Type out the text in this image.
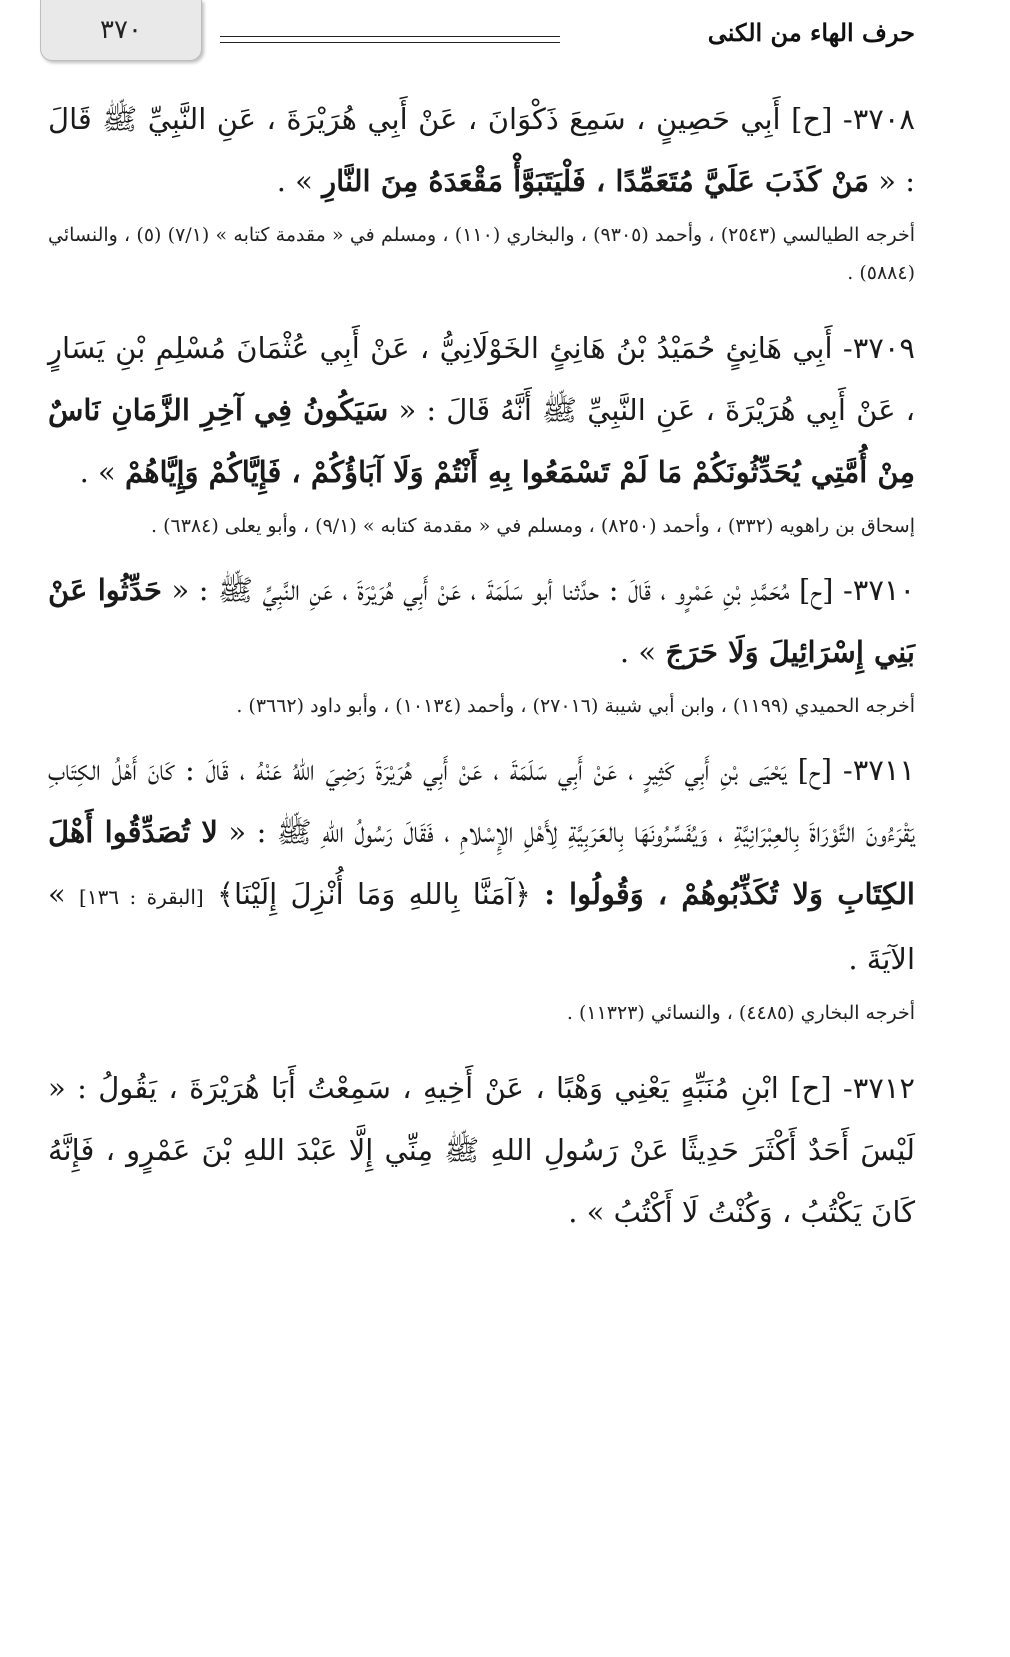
٣٧٠	حرف الهاء من الكنى

٣٧٠٨- [ح] أَبِي حَصِينٍ ، سَمِعَ ذَكْوَانَ ، عَنْ أَبِي هُرَيْرَةَ ، عَنِ النَّبِيِّ ﷺ قَالَ : « مَنْ كَذَبَ عَلَيَّ مُتَعَمِّدًا ، فَلْيَتَبَوَّأْ مَقْعَدَهُ مِنَ النَّارِ » .

أخرجه الطيالسي (٢٥٤٣) ، وأحمد (٩٣٠٥) ، والبخاري (١١٠) ، ومسلم في « مقدمة كتابه » (٧/١) (٥) ، والنسائي (٥٨٨٤) .

٣٧٠٩- أَبِي هَانِئٍ حُمَيْدُ بْنُ هَانِئٍ الخَوْلَانِيُّ ، عَنْ أَبِي عُثْمَانَ مُسْلِمِ بْنِ يَسَارٍ ، عَنْ أَبِي هُرَيْرَةَ ، عَنِ النَّبِيِّ ﷺ أَنَّهُ قَالَ : « سَيَكُونُ فِي آخِرِ الزَّمَانِ نَاسٌ مِنْ أُمَّتِي يُحَدِّثُونَكُمْ مَا لَمْ تَسْمَعُوا بِهِ أَنْتُمْ وَلَا آبَاؤُكُمْ ، فَإِيَّاكُمْ وَإِيَّاهُمْ » .

إسحاق بن راهويه (٣٣٢) ، وأحمد (٨٢٥٠) ، ومسلم في « مقدمة كتابه » (٩/١) ، وأبو يعلى (٦٣٨٤) .

٣٧١٠- [ح] مُحَمَّدِ بْنِ عَمْرٍو ، قَالَ : حدَّثنا أبو سَلَمَةَ ، عَنْ أَبِي هُرَيْرَةَ ، عَنِ النَّبِيِّ ﷺ : « حَدِّثُوا عَنْ بَنِي إِسْرَائِيلَ وَلَا حَرَجَ » .

أخرجه الحميدي (١١٩٩) ، وابن أبي شيبة (٢٧٠١٦) ، وأحمد (١٠١٣٤) ، وأبو داود (٣٦٦٢) .

٣٧١١- [ح] يَحْيَى بْنِ أَبِي كَثِيرٍ ، عَنْ أَبِي سَلَمَةَ ، عَنْ أَبِي هُرَيْرَةَ رَضِيَ اللهُ عَنْهُ ، قَالَ : كَانَ أَهْلُ الكِتَابِ يَقْرَءُونَ التَّوْرَاةَ بِالعِبْرَانِيَّةِ ، وَيُفَسِّرُونَهَا بِالعَرَبِيَّةِ لِأَهْلِ الإِسْلامِ ، فَقَالَ رَسُولُ اللهِ ﷺ : « لا تُصَدِّقُوا أَهْلَ الكِتَابِ وَلا تُكَذِّبُوهُمْ ، وَقُولُوا : ﴿آمَنَّا بِاللهِ وَمَا أُنْزِلَ إِلَيْنَا﴾ [البقرة : ١٣٦] » الآيَةَ .

أخرجه البخاري (٤٤٨٥) ، والنسائي (١١٣٢٣) .

٣٧١٢- [ح] ابْنِ مُنَبِّهٍ يَعْنِي وَهْبًا ، عَنْ أَخِيهِ ، سَمِعْتُ أَبَا هُرَيْرَةَ ، يَقُولُ : « لَيْسَ أَحَدٌ أَكْثَرَ حَدِيثًا عَنْ رَسُولِ اللهِ ﷺ مِنِّي إِلَّا عَبْدَ اللهِ بْنَ عَمْرٍو ، فَإِنَّهُ كَانَ يَكْتُبُ ، وَكُنْتُ لَا أَكْتُبُ » .
